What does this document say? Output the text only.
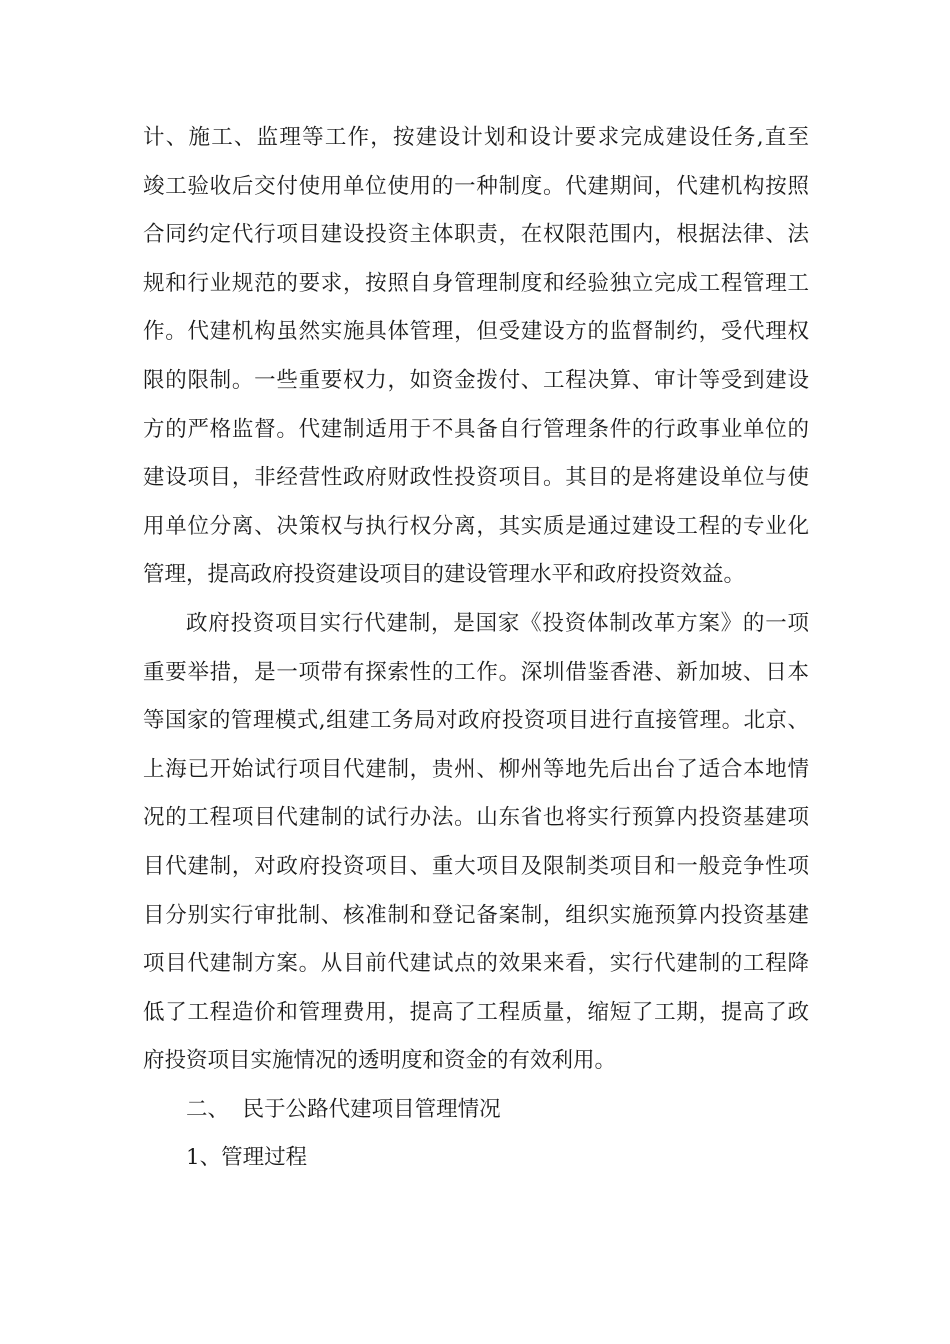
计、施工、监理等工作，按建设计划和设计要求完成建设任务,直至
竣工验收后交付使用单位使用的一种制度。代建期间，代建机构按照
合同约定代行项目建设投资主体职责，在权限范围内，根据法律、法
规和行业规范的要求，按照自身管理制度和经验独立完成工程管理工
作。代建机构虽然实施具体管理，但受建设方的监督制约，受代理权
限的限制。一些重要权力，如资金拨付、工程决算、审计等受到建设
方的严格监督。代建制适用于不具备自行管理条件的行政事业单位的
建设项目，非经营性政府财政性投资项目。其目的是将建设单位与使
用单位分离、决策权与执行权分离，其实质是通过建设工程的专业化
管理，提高政府投资建设项目的建设管理水平和政府投资效益。
政府投资项目实行代建制，是国家《投资体制改革方案》的一项
重要举措，是一项带有探索性的工作。深圳借鉴香港、新加坡、日本
等国家的管理模式,组建工务局对政府投资项目进行直接管理。北京、
上海已开始试行项目代建制，贵州、柳州等地先后出台了适合本地情
况的工程项目代建制的试行办法。山东省也将实行预算内投资基建项
目代建制，对政府投资项目、重大项目及限制类项目和一般竞争性项
目分别实行审批制、核准制和登记备案制，组织实施预算内投资基建
项目代建制方案。从目前代建试点的效果来看，实行代建制的工程降
低了工程造价和管理费用，提高了工程质量，缩短了工期，提高了政
府投资项目实施情况的透明度和资金的有效利用。
二、  民于公路代建项目管理情况
1、管理过程
